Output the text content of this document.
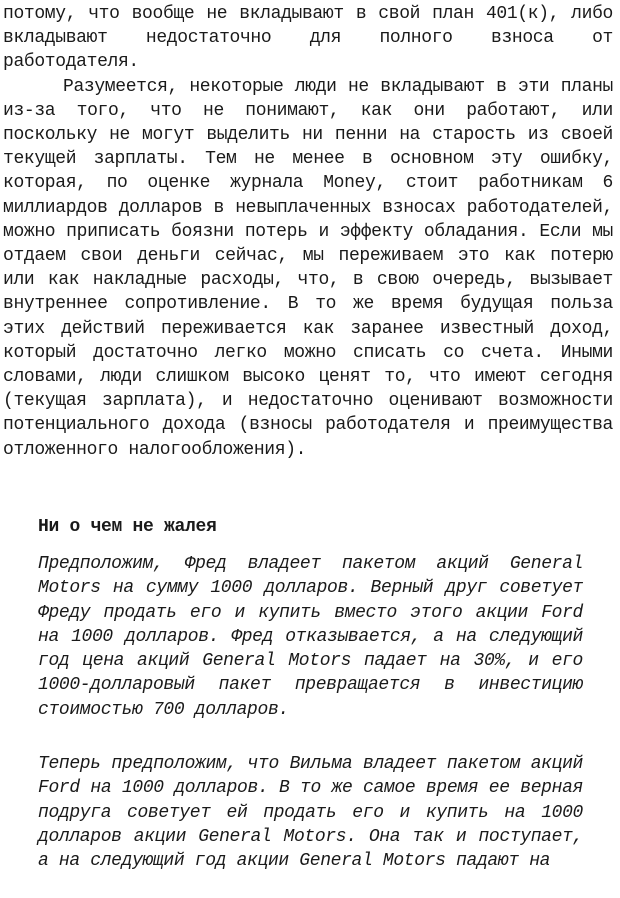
потому, что вообще не вкладывают в свой план 401(к), либо вкладывают недостаточно для полного взноса от работодателя.

Разумеется, некоторые люди не вкладывают в эти планы из-за того, что не понимают, как они работают, или поскольку не могут выделить ни пенни на старость из своей текущей зарплаты. Тем не менее в основном эту ошибку, которая, по оценке журнала Money, стоит работникам 6 миллиардов долларов в невыплаченных взносах работодателей, можно приписать боязни потерь и эффекту обладания. Если мы отдаем свои деньги сейчас, мы переживаем это как потерю или как накладные расходы, что, в свою очередь, вызывает внутреннее сопротивление. В то же время будущая польза этих действий переживается как заранее известный доход, который достаточно легко можно списать со счета. Иными словами, люди слишком высоко ценят то, что имеют сегодня (текущая зарплата), и недостаточно оценивают возможности потенциального дохода (взносы работодателя и преимущества отложенного налогообложения).

Ни о чем не жалея

Предположим, Фред владеет пакетом акций General Motors на сумму 1000 долларов. Верный друг советует Фреду продать его и купить вместо этого акции Ford на 1000 долларов. Фред отказывается, а на следующий год цена акций General Motors падает на 30%, и его 1000-долларовый пакет превращается в инвестицию стоимостью 700 долларов.

Теперь предположим, что Вильма владеет пакетом акций Ford на 1000 долларов. В то же самое время ее верная подруга советует ей продать его и купить на 1000 долларов акции General Motors. Она так и поступает, а на следующий год акции General Motors падают на
